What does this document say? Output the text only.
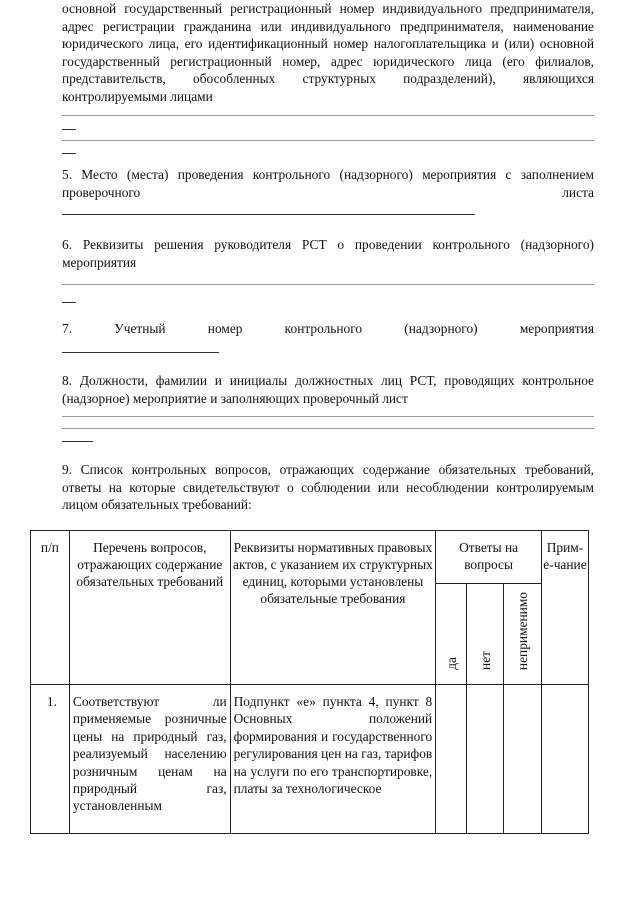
основной государственный регистрационный номер индивидуального предпринимателя, адрес регистрации гражданина или индивидуального предпринимателя, наименование юридического лица, его идентификационный номер налогоплательщика и (или) основной государственный регистрационный номер, адрес юридического лица (его филиалов, представительств, обособленных структурных подразделений), являющихся контролируемыми лицами
5. Место (места) проведения контрольного (надзорного) мероприятия с заполнением проверочного листа
6. Реквизиты решения руководителя РСТ о проведении контрольного (надзорного) мероприятия
7. Учетный номер контрольного (надзорного) мероприятия
8. Должности, фамилии и инициалы должностных лиц РСТ, проводящих контрольное (надзорное) мероприятие и заполняющих проверочный лист
9. Список контрольных вопросов, отражающих содержание обязательных требований, ответы на которые свидетельствуют о соблюдении или несоблюдении контролируемым лицом обязательных требований:
п/п	Перечень вопросов, отражающих содержание обязательных требований	Реквизиты нормативных правовых актов, с указанием их структурных единиц, которыми установлены обязательные требования	Ответы на вопросы			Прим-е-чание
			да	нет	неприменимо	
1.	Соответствуют ли применяемые розничные цены на природный газ, реализуемый населению розничным ценам на природный газ, установленным	Подпункт «е» пункта 4, пункт 8 Основных положений формирования и государственного регулирования цен на газ, тарифов на услуги по его транспортировке, платы за технологическое				
